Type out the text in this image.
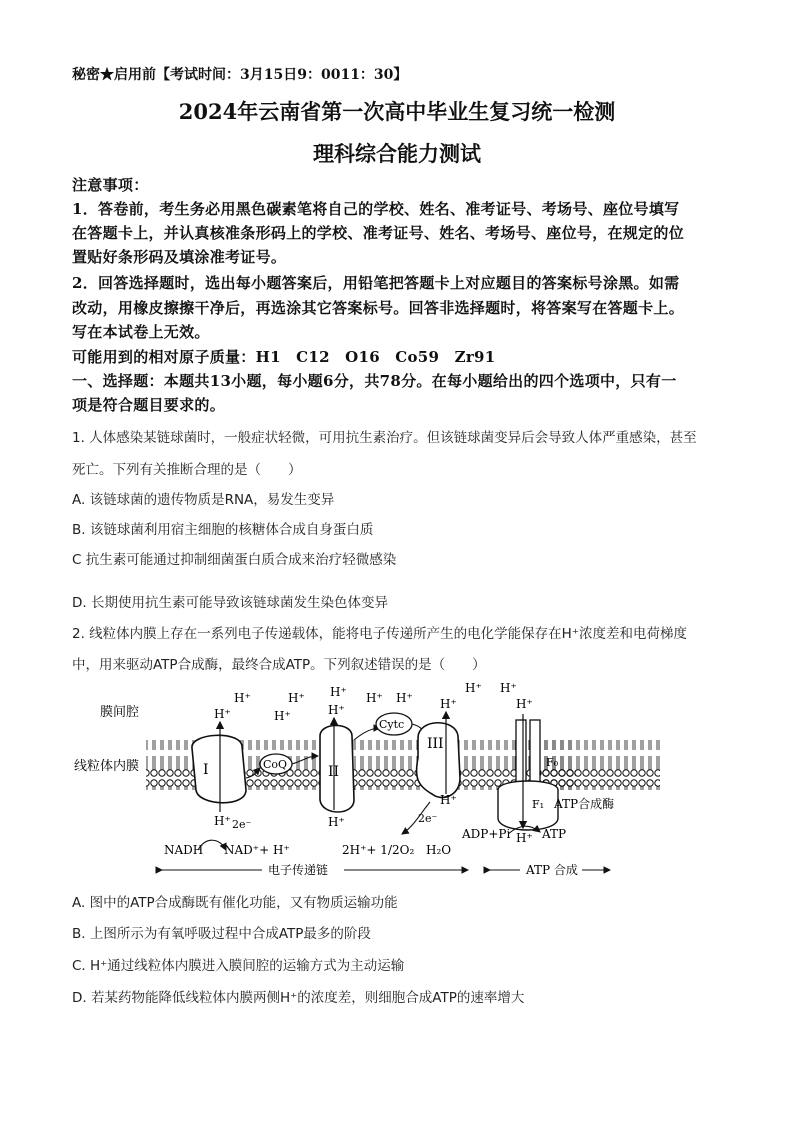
秘密★启用前【考试时间：3月15日9：0011：30】
2024年云南省第一次高中毕业生复习统一检测
理科综合能力测试
注意事项：
1．答卷前，考生务必用黑色碳素笔将自己的学校、姓名、准考证号、考场号、座位号填写
在答题卡上，并认真核准条形码上的学校、准考证号、姓名、考场号、座位号，在规定的位
置贴好条形码及填涂准考证号。
2．回答选择题时，选出每小题答案后，用铅笔把答题卡上对应题目的答案标号涂黑。如需
改动，用橡皮擦擦干净后，再选涂其它答案标号。回答非选择题时，将答案写在答题卡上。
写在本试卷上无效。
可能用到的相对原子质量：H1　C12　O16　Co59　Zr91
一、选择题：本题共13小题，每小题6分，共78分。在每小题给出的四个选项中，只有一
项是符合题目要求的。
1. 人体感染某链球菌时，一般症状轻微，可用抗生素治疗。但该链球菌变异后会导致人体严重感染，甚至
死亡。下列有关推断合理的是（　　）
A. 该链球菌的遗传物质是RNA，易发生变异
B. 该链球菌利用宿主细胞的核糖体合成自身蛋白质
C 抗生素可能通过抑制细菌蛋白质合成来治疗轻微感染
D. 长期使用抗生素可能导致该链球菌发生染色体变异
2. 线粒体内膜上存在一系列电子传递载体，能将电子传递所产生的电化学能保存在H⁺浓度差和电荷梯度
中，用来驱动ATP合成酶，最终合成ATP。下列叙述错误的是（　　）
膜间腔
线粒体内膜	I
H⁺
H⁺ 2e⁻
H⁺
H⁺
H⁺ H⁺ H⁺ H⁺
H⁺ H⁺
CoQ	II
H⁺
H⁺
Cytc
III
H⁺
H⁺
2e⁻
H⁺
H⁺
F₀
F₁ ATP合成酶
NADH NAD⁺+ H⁺	2H⁺+ 1/2O₂ H₂O
ADP+Pi	ATP
电子传递链	ATP 合成
A. 图中的ATP合成酶既有催化功能，又有物质运输功能
B. 上图所示为有氧呼吸过程中合成ATP最多的阶段
C. H⁺通过线粒体内膜进入膜间腔的运输方式为主动运输
D. 若某药物能降低线粒体内膜两侧H⁺的浓度差，则细胞合成ATP的速率增大
